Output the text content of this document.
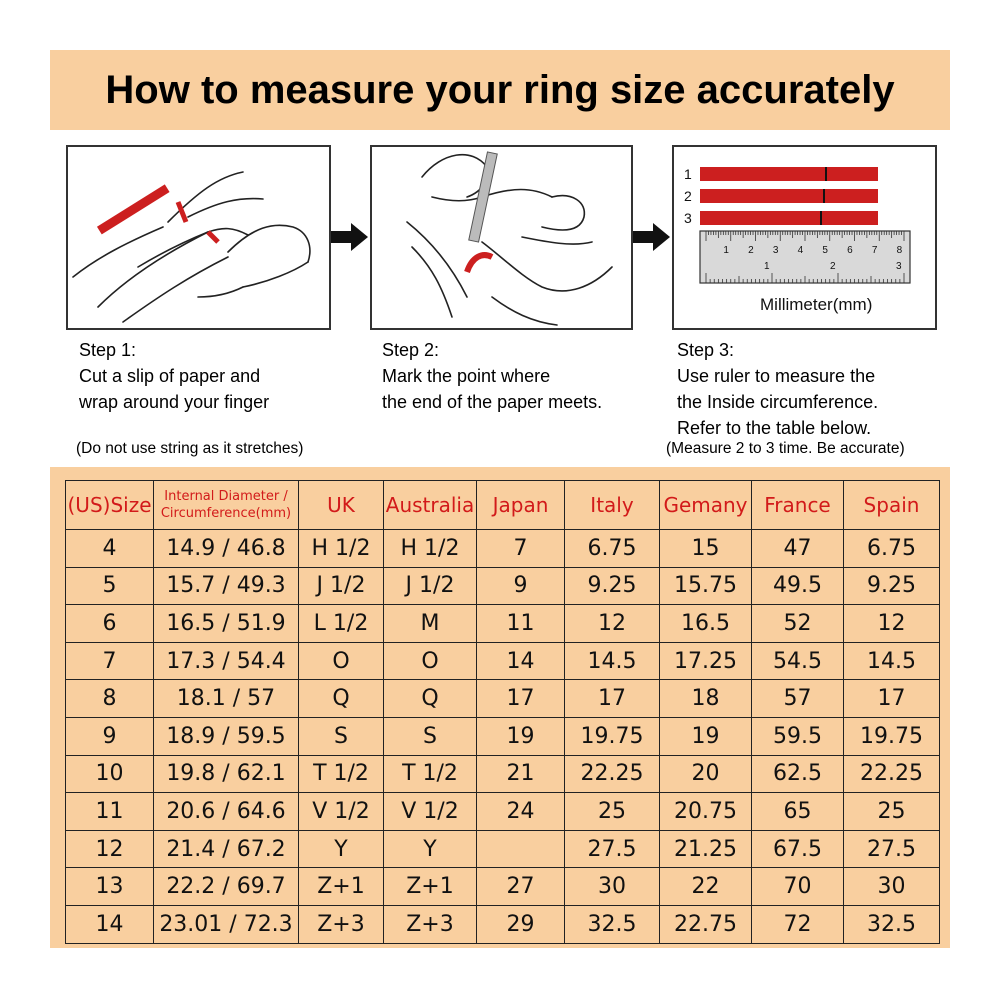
How to measure your ring size accurately
1
2
3
1 2 3 4 5 6 7 8
1	2	3
Millimeter(mm)
Step 1:
Cut a slip of paper and
wrap around your finger
Step 2:
Mark the point where
the end of the paper meets.
Step 3:
Use ruler to measure the
the Inside circumference.
Refer to the table below.
(Do not use string as it stretches)	(Measure 2 to 3 time. Be accurate)
(US)Size	Internal Diameter /
Circumference(mm)	UK	Australia	Japan	Italy	Gemany	France	Spain
4	14.9 / 46.8	H 1/2	H 1/2	7	6.75	15	47	6.75
5	15.7 / 49.3	J 1/2	J 1/2	9	9.25	15.75	49.5	9.25
6	16.5 / 51.9	L 1/2	M	11	12	16.5	52	12
7	17.3 / 54.4	O	O	14	14.5	17.25	54.5	14.5
8	18.1 / 57	Q	Q	17	17	18	57	17
9	18.9 / 59.5	S	S	19	19.75	19	59.5	19.75
10	19.8 / 62.1	T 1/2	T 1/2	21	22.25	20	62.5	22.25
11	20.6 / 64.6	V 1/2	V 1/2	24	25	20.75	65	25
12	21.4 / 67.2	Y	Y		27.5	21.25	67.5	27.5
13	22.2 / 69.7	Z+1	Z+1	27	30	22	70	30
14	23.01 / 72.3	Z+3	Z+3	29	32.5	22.75	72	32.5
